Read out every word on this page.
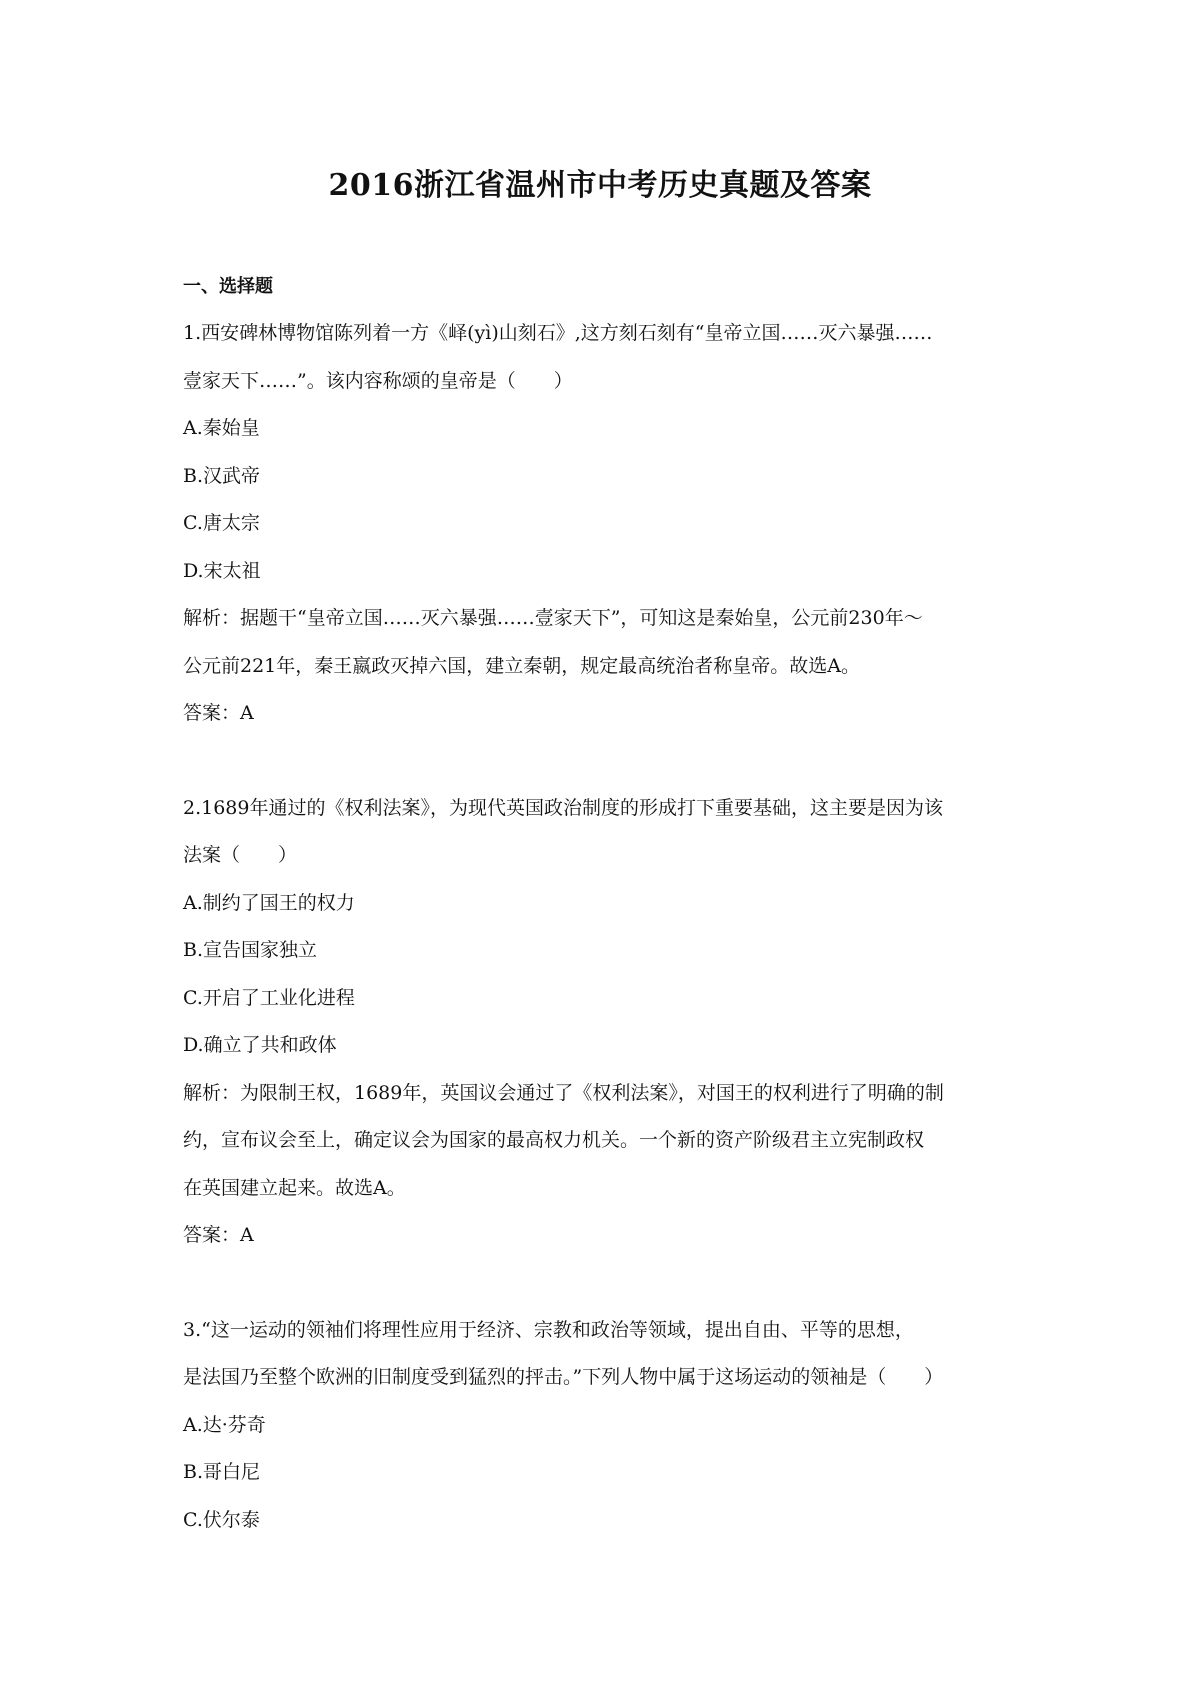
2016浙江省温州市中考历史真题及答案
一、选择题

1.西安碑林博物馆陈列着一方《峄(yì)山刻石》,这方刻石刻有“皇帝立国……灭六暴强……

壹家天下……”。该内容称颂的皇帝是（　　）

A.秦始皇

B.汉武帝

C.唐太宗

D.宋太祖

解析：据题干“皇帝立国……灭六暴强……壹家天下”，可知这是秦始皇，公元前230年～

公元前221年，秦王嬴政灭掉六国，建立秦朝，规定最高统治者称皇帝。故选A。

答案：A

2.1689年通过的《权利法案》，为现代英国政治制度的形成打下重要基础，这主要是因为该

法案（　　）

A.制约了国王的权力

B.宣告国家独立

C.开启了工业化进程

D.确立了共和政体

解析：为限制王权，1689年，英国议会通过了《权利法案》，对国王的权利进行了明确的制

约，宣布议会至上，确定议会为国家的最高权力机关。一个新的资产阶级君主立宪制政权

在英国建立起来。故选A。

答案：A

3.“这一运动的领袖们将理性应用于经济、宗教和政治等领域，提出自由、平等的思想，

是法国乃至整个欧洲的旧制度受到猛烈的抨击。”下列人物中属于这场运动的领袖是（　　）

A.达·芬奇

B.哥白尼

C.伏尔泰
